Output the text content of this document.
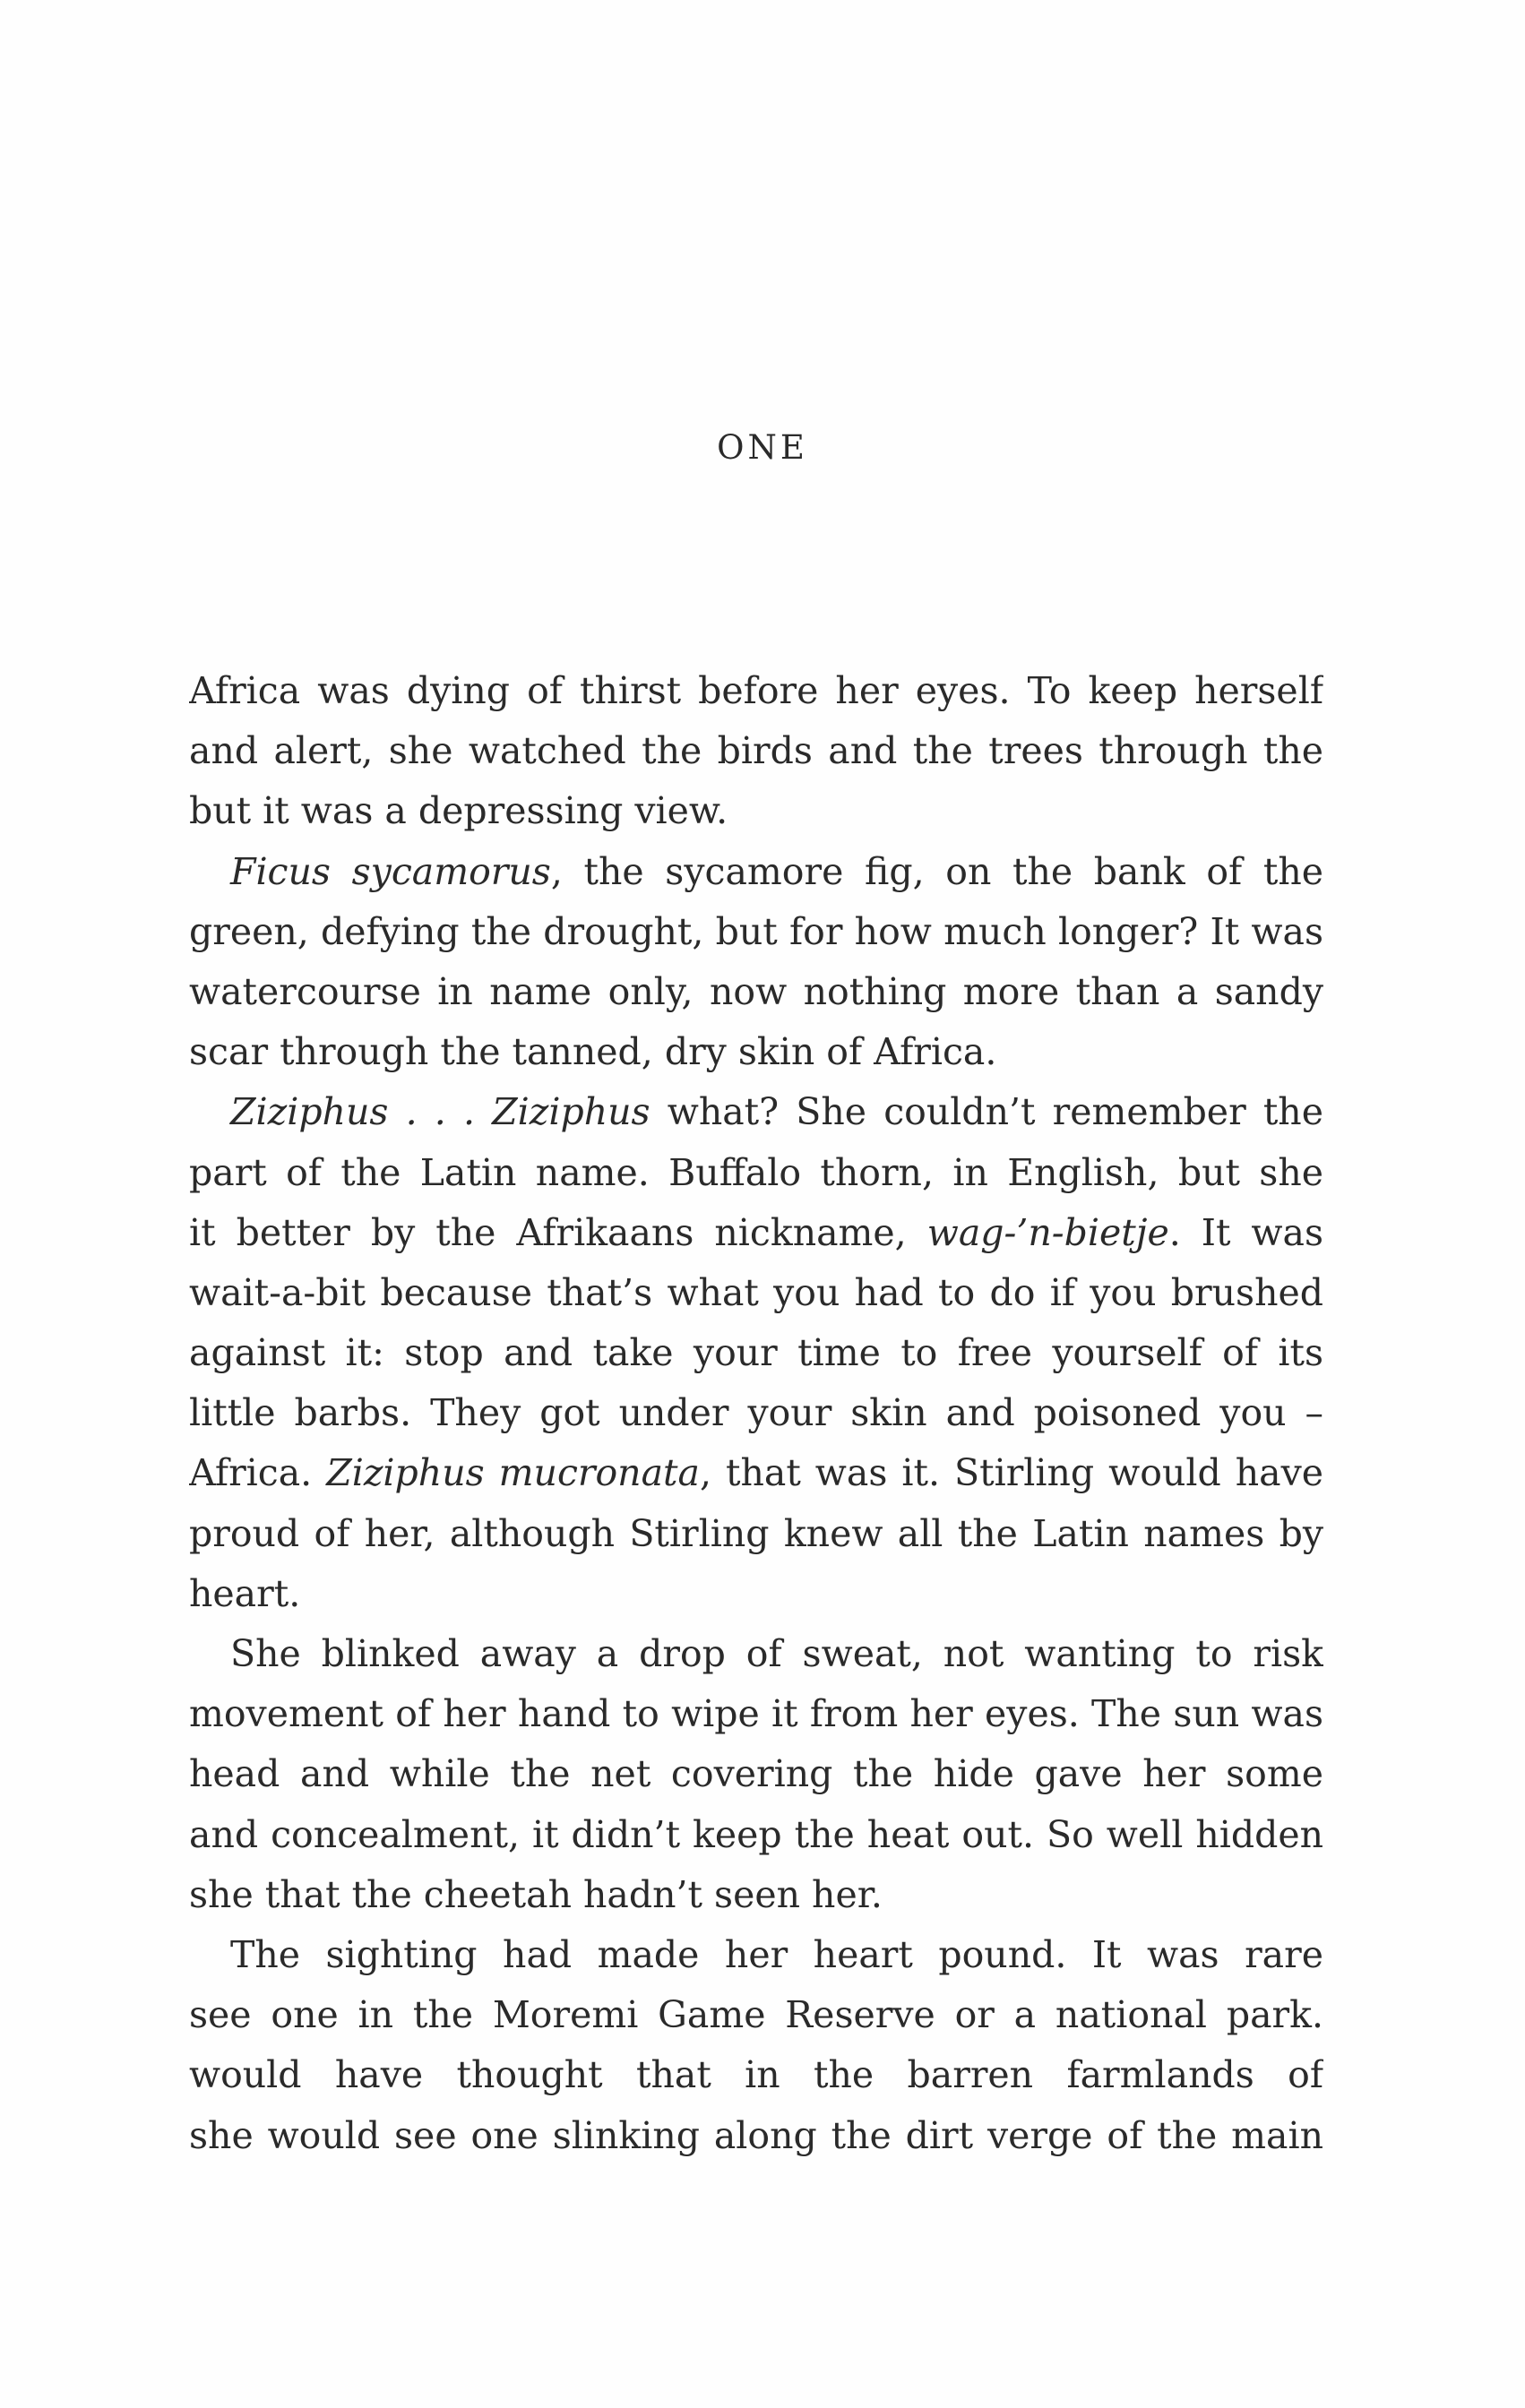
ONE
Africa was dying of thirst before her eyes. To keep herself
and alert, she watched the birds and the trees through the
but it was a depressing view.
Ficus sycamorus, the sycamore fig, on the bank of the
green, defying the drought, but for how much longer? It was
watercourse in name only, now nothing more than a sandy
scar through the tanned, dry skin of Africa.
Ziziphus . . . Ziziphus what? She couldn’t remember the
part of the Latin name. Buffalo thorn, in English, but she
it better by the Afrikaans nickname, wag-’n-bietje. It was
wait-a-bit because that’s what you had to do if you brushed
against it: stop and take your time to free yourself of its
little barbs. They got under your skin and poisoned you –
Africa. Ziziphus mucronata, that was it. Stirling would have
proud of her, although Stirling knew all the Latin names by
heart.
She blinked away a drop of sweat, not wanting to risk
movement of her hand to wipe it from her eyes. The sun was
head and while the net covering the hide gave her some
and concealment, it didn’t keep the heat out. So well hidden
she that the cheetah hadn’t seen her.
The sighting had made her heart pound. It was rare
see one in the Moremi Game Reserve or a national park.
would have thought that in the barren farmlands of
she would see one slinking along the dirt verge of the main
